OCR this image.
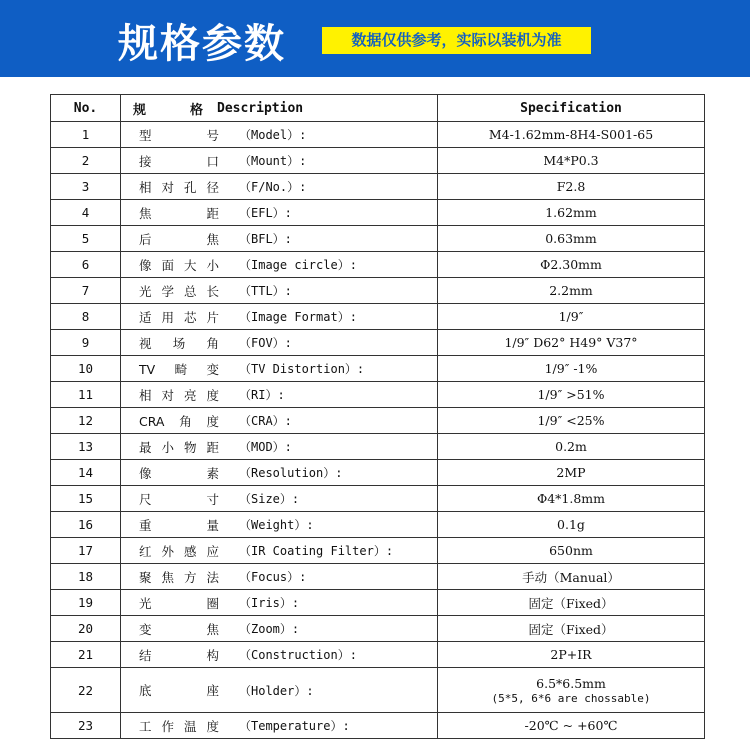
规格参数	数据仅供参考，实际以装机为准
No.	规　格 Description	Specification
1	型号 （Model）:	M4-1.62mm-8H4-S001-65
2	接口 （Mount）:	M4*P0.3
3	相对孔径 （F/No.）:	F2.8
4	焦距 （EFL）:	1.62mm
5	后焦 （BFL）:	0.63mm
6	像面大小 （Image circle）:	Φ2.30mm
7	光学总长 （TTL）:	2.2mm
8	适用芯片 （Image Format）:	1/9″
9	视场角 （FOV）:	1/9″ D62° H49° V37°
10	TV畸变 （TV Distortion）:	1/9″ -1%
11	相对亮度 （RI）:	1/9″ >51%
12	CRA角度 （CRA）:	1/9″ <25%
13	最小物距 （MOD）:	0.2m
14	像素 （Resolution）:	2MP
15	尺寸 （Size）:	Φ4*1.8mm
16	重量 （Weight）:	0.1g
17	红外感应 （IR Coating Filter）:	650nm
18	聚焦方法 （Focus）:	手动（Manual）
19	光圈 （Iris）:	固定（Fixed）
20	变焦 （Zoom）:	固定（Fixed）
21	结构 （Construction）:	2P+IR
22	底座 （Holder）:	6.5*6.5mm
(5*5, 6*6 are chossable)

23	工作温度 （Temperature）:	-20℃ ~ +60℃
